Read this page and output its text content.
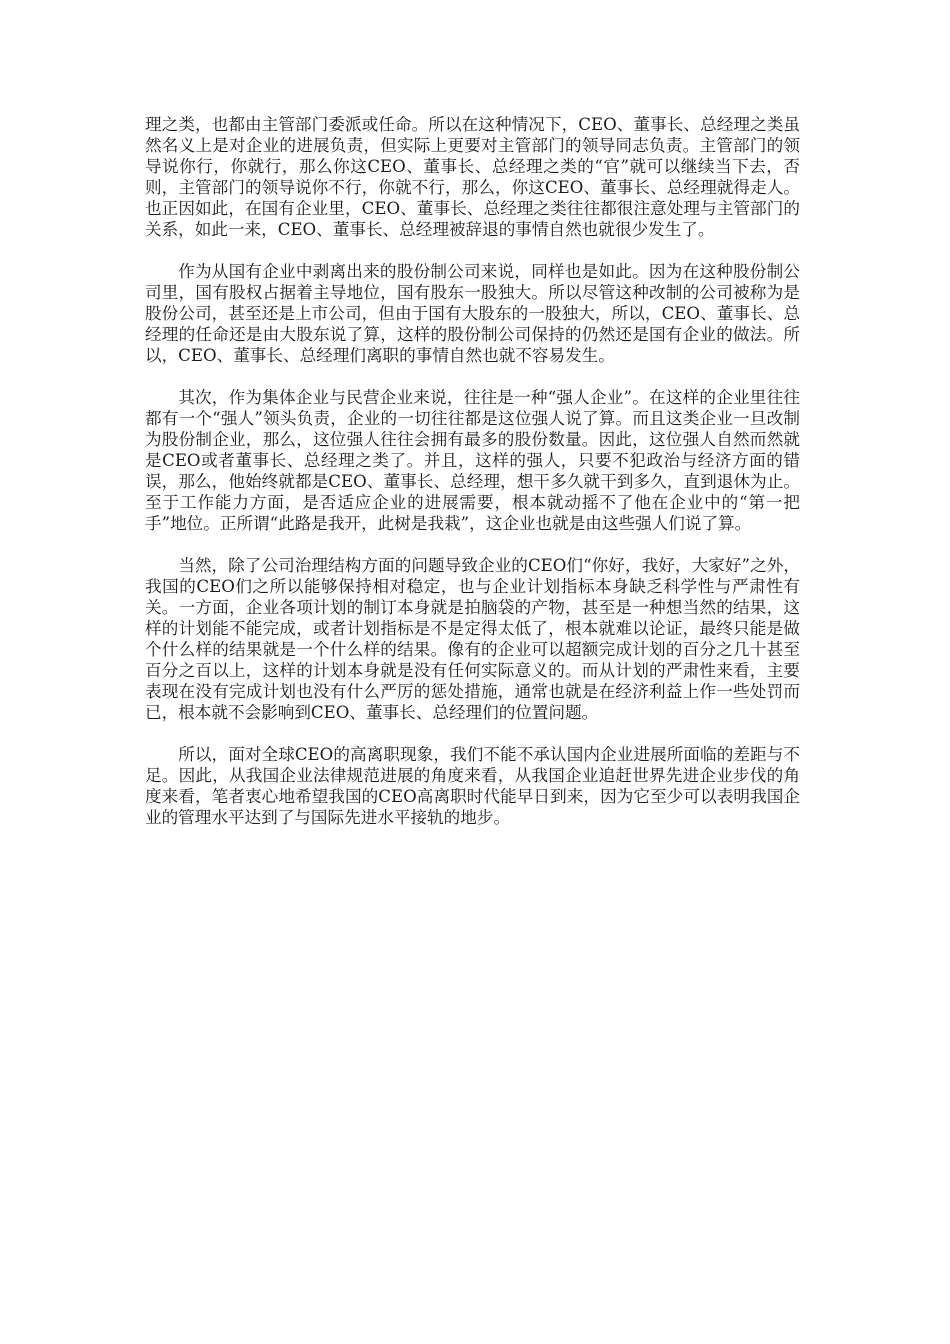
理之类，也都由主管部门委派或任命。所以在这种情况下，CEO、董事长、总经理之类虽然名义上是对企业的进展负责，但实际上更要对主管部门的领导同志负责。主管部门的领导说你行，你就行，那么你这CEO、董事长、总经理之类的“官”就可以继续当下去，否则，主管部门的领导说你不行，你就不行，那么，你这CEO、董事长、总经理就得走人。也正因如此，在国有企业里，CEO、董事长、总经理之类往往都很注意处理与主管部门的关系，如此一来，CEO、董事长、总经理被辞退的事情自然也就很少发生了。

作为从国有企业中剥离出来的股份制公司来说，同样也是如此。因为在这种股份制公司里，国有股权占据着主导地位，国有股东一股独大。所以尽管这种改制的公司被称为是股份公司，甚至还是上市公司，但由于国有大股东的一股独大，所以，CEO、董事长、总经理的任命还是由大股东说了算，这样的股份制公司保持的仍然还是国有企业的做法。所以，CEO、董事长、总经理们离职的事情自然也就不容易发生。

其次，作为集体企业与民营企业来说，往往是一种“强人企业”。在这样的企业里往往都有一个“强人”领头负责，企业的一切往往都是这位强人说了算。而且这类企业一旦改制为股份制企业，那么，这位强人往往会拥有最多的股份数量。因此，这位强人自然而然就是CEO或者董事长、总经理之类了。并且，这样的强人，只要不犯政治与经济方面的错误，那么，他始终就都是CEO、董事长、总经理，想干多久就干到多久，直到退休为止。至于工作能力方面，是否适应企业的进展需要，根本就动摇不了他在企业中的“第一把手”地位。正所谓“此路是我开，此树是我栽”，这企业也就是由这些强人们说了算。

当然，除了公司治理结构方面的问题导致企业的CEO们“你好，我好，大家好”之外，我国的CEO们之所以能够保持相对稳定，也与企业计划指标本身缺乏科学性与严肃性有关。一方面，企业各项计划的制订本身就是拍脑袋的产物，甚至是一种想当然的结果，这样的计划能不能完成，或者计划指标是不是定得太低了，根本就难以论证，最终只能是做个什么样的结果就是一个什么样的结果。像有的企业可以超额完成计划的百分之几十甚至百分之百以上，这样的计划本身就是没有任何实际意义的。而从计划的严肃性来看，主要表现在没有完成计划也没有什么严厉的惩处措施，通常也就是在经济利益上作一些处罚而已，根本就不会影响到CEO、董事长、总经理们的位置问题。

所以，面对全球CEO的高离职现象，我们不能不承认国内企业进展所面临的差距与不足。因此，从我国企业法律规范进展的角度来看，从我国企业追赶世界先进企业步伐的角度来看，笔者衷心地希望我国的CEO高离职时代能早日到来，因为它至少可以表明我国企业的管理水平达到了与国际先进水平接轨的地步。
